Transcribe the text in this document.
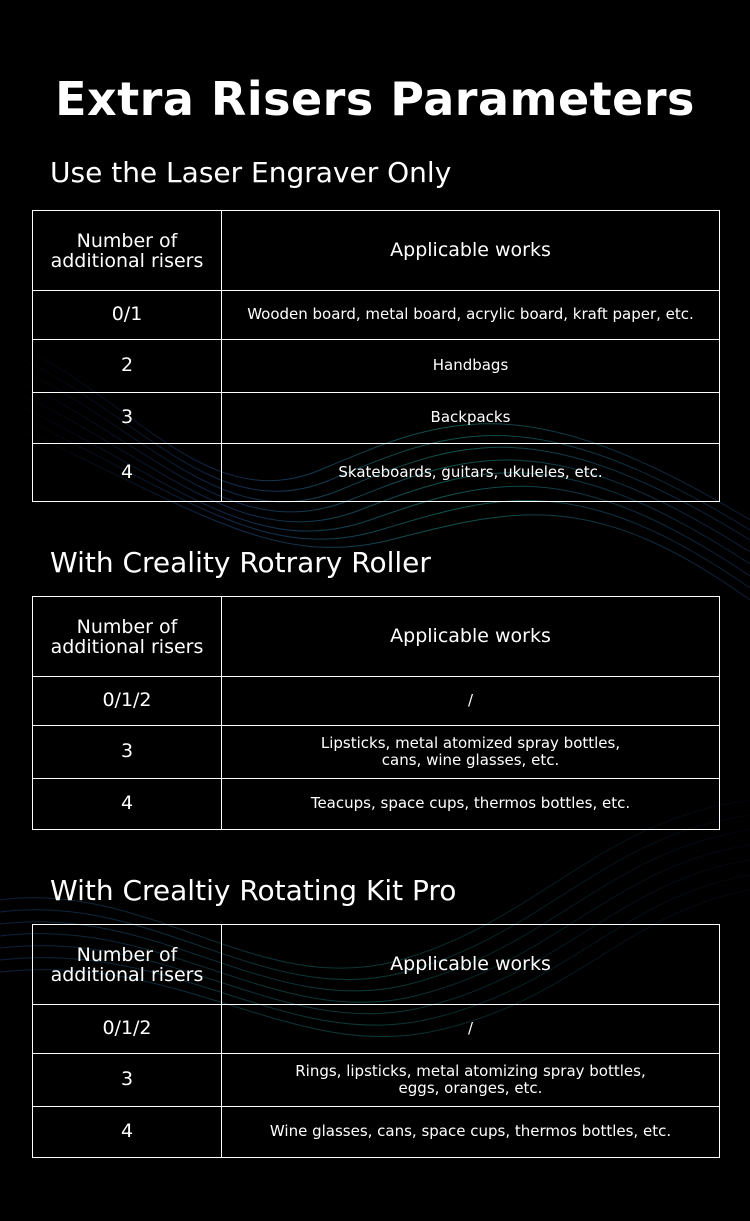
Extra Risers Parameters
Use the Laser Engraver Only
Number of
additional risers	Applicable works
0/1	Wooden board, metal board, acrylic board, kraft paper, etc.
2	Handbags
3	Backpacks
4	Skateboards, guitars, ukuleles, etc.
With Creality Rotrary Roller
Number of
additional risers	Applicable works
0/1/2	/
3	Lipsticks, metal atomized spray bottles,
cans, wine glasses, etc.
4	Teacups, space cups, thermos bottles, etc.
With Crealtiy Rotating Kit Pro
Number of
additional risers	Applicable works
0/1/2	/
3	Rings, lipsticks, metal atomizing spray bottles,
eggs, oranges, etc.
4	Wine glasses, cans, space cups, thermos bottles, etc.
